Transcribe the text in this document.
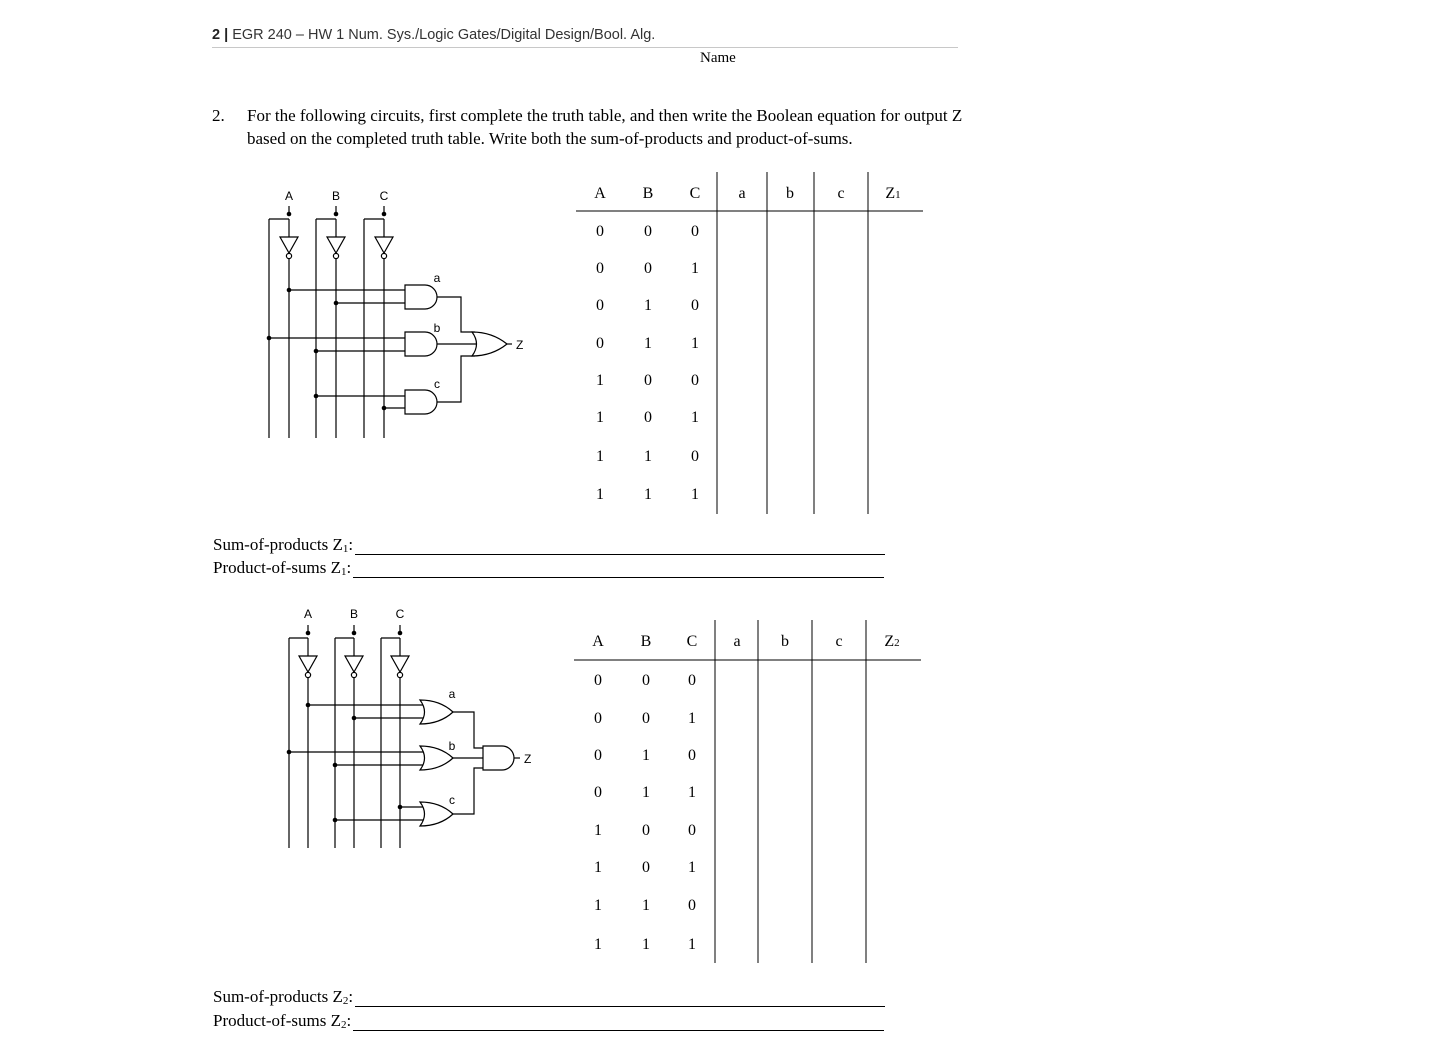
2 | EGR 240 – HW 1 Num. Sys./Logic Gates/Digital Design/Bool. Alg.
Name
2. For the following circuits, first complete the truth table, and then write the Boolean equation for output Z based on the completed truth table. Write both the sum-of-products and product-of-sums.
Sum-of-products $Z_1$ :
Product-of-sums $Z_1$ :
Sum-of-products $Z_2$ :
Product-of-sums $Z_2$ :
A	B	C
a
b
c
Z
A	B	C
a
b
c
Z
A B C a	b	c	Z1
0	0 0
0	0 1
0	1 0
0	1 1
1	0 0
1	0 1
1	1 0
1	1 1
A B C a	b	c	Z2
0	0 0
0	0 1
0	1 0
0	1 1
1	0 0
1	0 1
1	1 0
1	1 1
